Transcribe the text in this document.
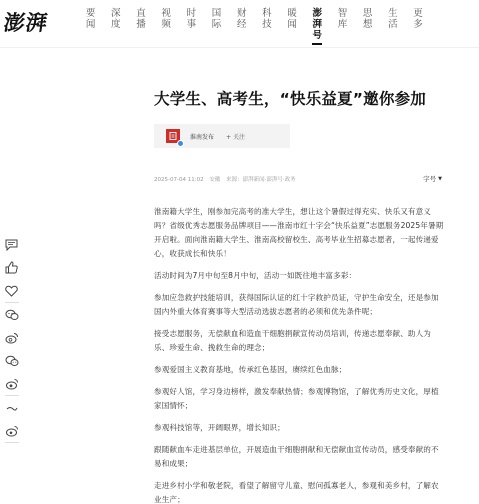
澎湃	要
闻
深
度
直
播
视
频
时
事
国
际
财
经
科
技
暖
闻
澎
湃
号
智
库
思
想
生
活
更
多
大学生、高考生，“快乐益夏”邀你参加
淮南发布 + 关注
2025-07-04 11:02 安徽 来源：澎湃新闻·澎湃号·政务	字号 ▼

淮南籍大学生，刚参加完高考的准大学生，想让这个暑假过得充实、快乐又有意义吗？省级优秀志愿服务品牌项目——淮南市红十字会“快乐益夏”志愿服务2025年暑期开启啦。面向淮南籍大学生、淮南高校留校生、高考毕业生招募志愿者，一起传递爱心，收获成长和快乐！

活动时间为7月中旬至8月中旬，活动一如既往地丰富多彩：

参加应急救护技能培训，获得国际认证的红十字救护员证，守护生命安全，还是参加国内外重大体育赛事等大型活动选拔志愿者的必须和优先条件呢；

接受志愿服务，无偿献血和造血干细胞捐献宣传动员培训，传递志愿奉献、助人为乐、珍爱生命、挽救生命的理念；

参观爱国主义教育基地，传承红色基因，赓续红色血脉；

参观好人馆，学习身边榜样，激发奉献热情；参观博物馆，了解优秀历史文化，厚植家国情怀；

参观科技馆等，开阔眼界，增长知识；

跟随献血车走进基层单位，开展造血干细胞捐献和无偿献血宣传动员，感受奉献的不易和成果；

走进乡村小学和敬老院，看望了解留守儿童、慰问孤寡老人，参观和美乡村，了解农业生产；
